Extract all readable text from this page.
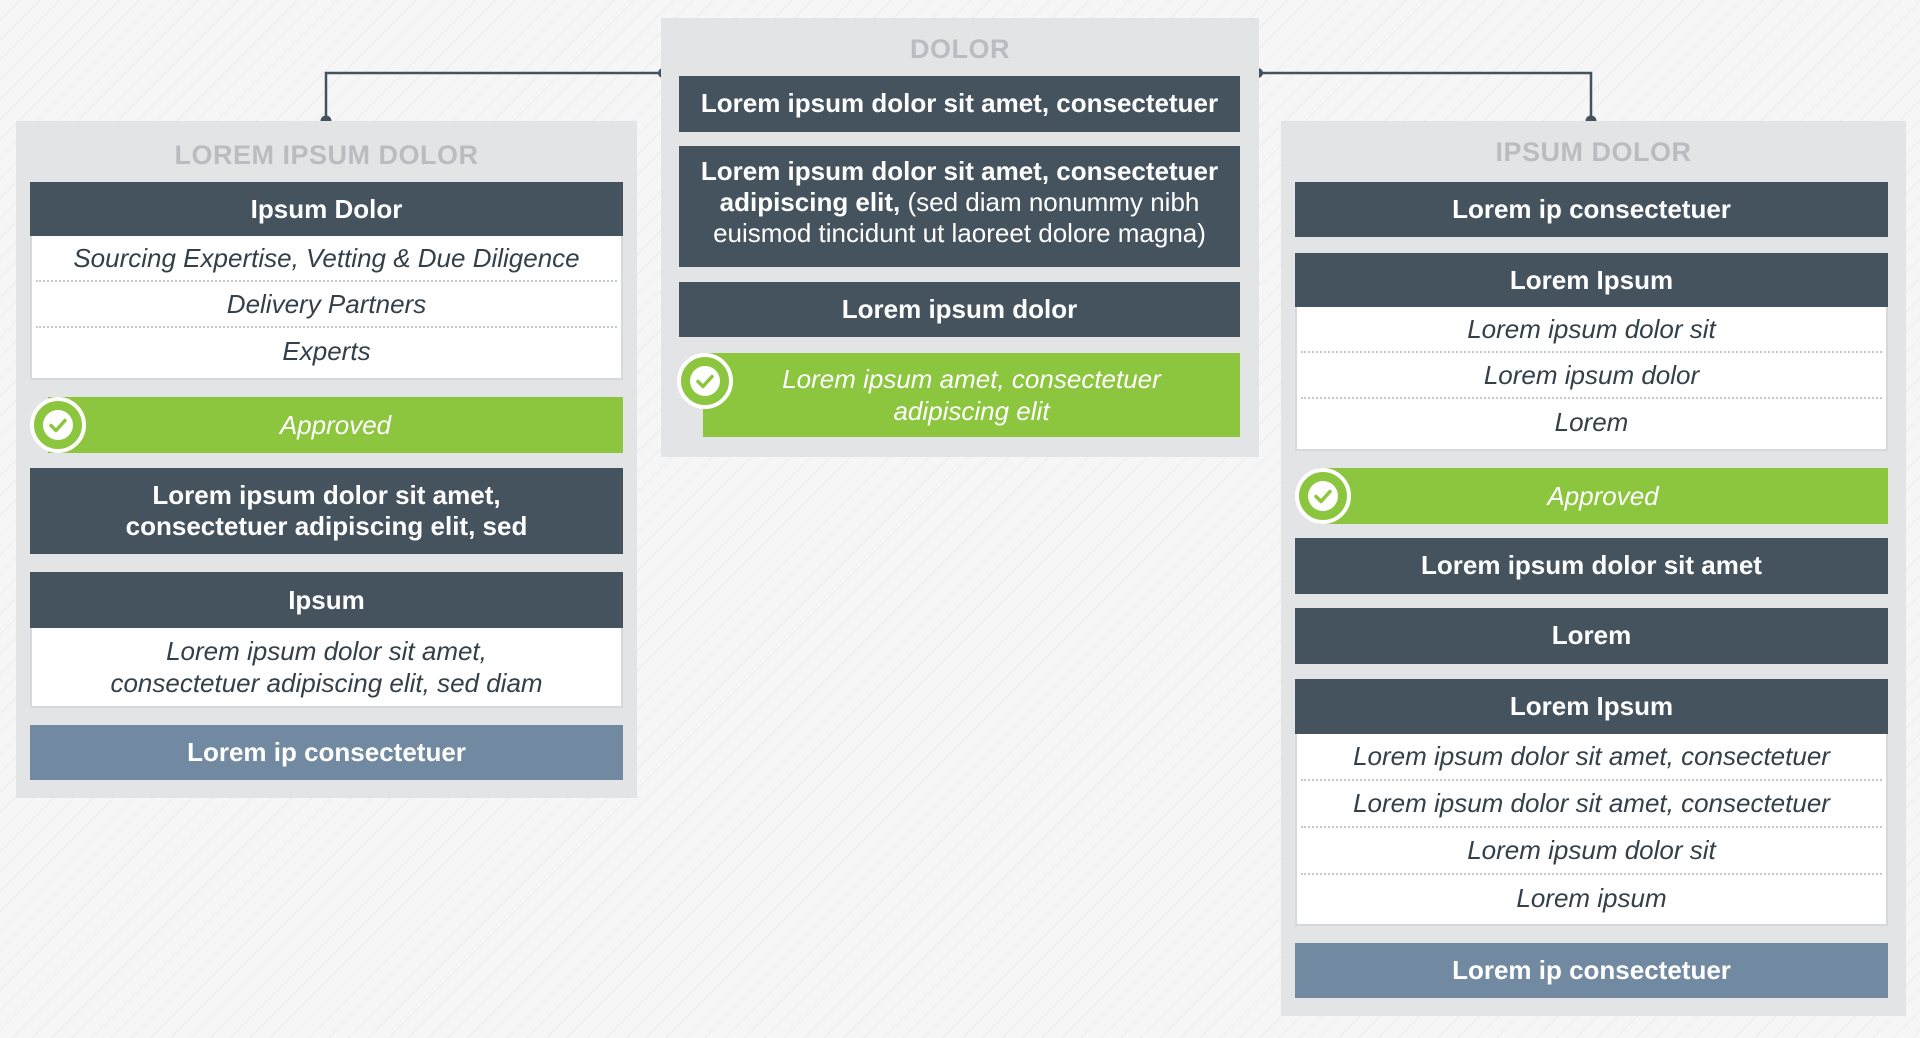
LOREM IPSUM DOLOR
Ipsum Dolor
Sourcing Expertise, Vetting & Due Diligence
Delivery Partners
Experts
Approved
Lorem ipsum dolor sit amet, consectetuer adipiscing elit, sed
Ipsum
Lorem ipsum dolor sit amet, consectetuer adipiscing elit, sed diam
Lorem ip consectetuer
DOLOR
Lorem ipsum dolor sit amet, consectetuer
Lorem ipsum dolor sit amet, consectetuer adipiscing elit, (sed diam nonummy nibh euismod tincidunt ut laoreet dolore magna)
Lorem ipsum dolor
Lorem ipsum amet, consectetuer adipiscing elit
IPSUM DOLOR
Lorem ip consectetuer
Lorem Ipsum
Lorem ipsum dolor sit
Lorem ipsum dolor
Lorem
Approved
Lorem ipsum dolor sit amet
Lorem
Lorem Ipsum
Lorem ipsum dolor sit amet, consectetuer
Lorem ipsum dolor sit amet, consectetuer
Lorem ipsum dolor sit
Lorem ipsum
Lorem ip consectetuer
